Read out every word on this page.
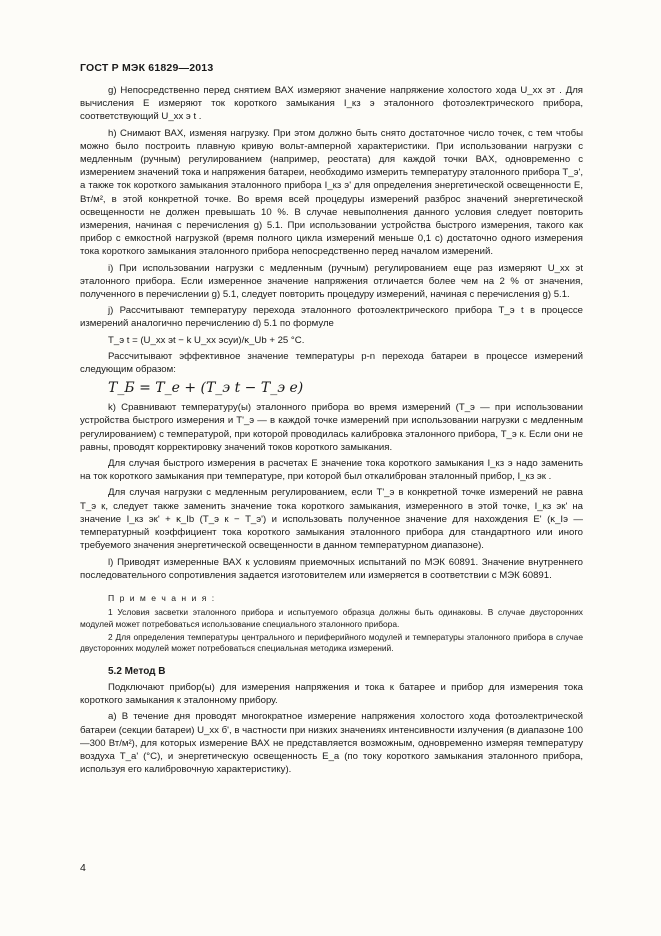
ГОСТ Р МЭК 61829—2013

g) Непосредственно перед снятием ВАХ измеряют значение напряжение холостого хода U_хх эт . Для вычисления E измеряют ток короткого замыкания I_кз э эталонного фотоэлектрического прибора, соответствующий U_хх э t .

h) Снимают ВАХ, изменяя нагрузку. При этом должно быть снято достаточное число точек, с тем чтобы можно было построить плавную кривую вольт-амперной характеристики. При использовании нагрузки с медленным (ручным) регулированием (например, реостата) для каждой точки ВАХ, одновременно с измерением значений тока и напряжения батареи, необходимо измерить температуру эталонного прибора T_э', а также ток короткого замыкания эталонного прибора I_кз э' для определения энергетической освещенности E, Вт/м², в этой конкретной точке. Во время всей процедуры измерений разброс значений энергетической освещенности не должен превышать 10 %. В случае невыполнения данного условия следует повторить измерения, начиная с перечисления g) 5.1. При использовании устройства быстрого измерения, такого как прибор с емкостной нагрузкой (время полного цикла измерений меньше 0,1 с) достаточно одного измерения тока короткого замыкания эталонного прибора непосредственно перед началом измерений.

i) При использовании нагрузки с медленным (ручным) регулированием еще раз измеряют U_хх эt эталонного прибора. Если измеренное значение напряжения отличается более чем на 2 % от значения, полученного в перечислении g) 5.1, следует повторить процедуру измерений, начиная с перечисления g) 5.1.

j) Рассчитывают температуру перехода эталонного фотоэлектрического прибора T_э t в процессе измерений аналогично перечислению d) 5.1 по формуле

T_э t = (U_хх эt − k U_хх эсуи)/κ_Ub + 25 °C.

Рассчитывают эффективное значение температуры p-n перехода батареи в процессе измерений следующим образом:

T_Б = T_e + (T_э t − T_э e)

k) Сравнивают температуру(ы) эталонного прибора во время измерений (T_э — при использовании устройства быстрого измерения и T'_э — в каждой точке измерений при использовании нагрузки с медленным регулированием) с температурой, при которой проводилась калибровка эталонного прибора, T_э к. Если они не равны, проводят корректировку значений токов короткого замыкания.

Для случая быстрого измерения в расчетах E значение тока короткого замыкания I_кз э надо заменить на ток короткого замыкания при температуре, при которой был откалиброван эталонный прибор, I_кз эк .

Для случая нагрузки с медленным регулированием, если T'_э в конкретной точке измерений не равна T_э к, следует также заменить значение тока короткого замыкания, измеренного в этой точке, I_кз эк' на значение I_кз эк' + κ_Ib (T_э к − T_э') и использовать полученное значение для нахождения E' (κ_Iэ — температурный коэффициент тока короткого замыкания эталонного прибора для стандартного или иного требуемого значения энергетической освещенности в данном температурном диапазоне).

l) Приводят измеренные ВАХ к условиям приемочных испытаний по МЭК 60891. Значение внутреннего последовательного сопротивления задается изготовителем или измеряется в соответствии с МЭК 60891.

П р и м е ч а н и я :

1 Условия засветки эталонного прибора и испытуемого образца должны быть одинаковы. В случае двусторонних модулей может потребоваться использование специального эталонного прибора.

2 Для определения температуры центрального и периферийного модулей и температуры эталонного прибора в случае двусторонних модулей может потребоваться специальная методика измерений.

5.2 Метод В

Подключают прибор(ы) для измерения напряжения и тока к батарее и прибор для измерения тока короткого замыкания к эталонному прибору.

а) В течение дня проводят многократное измерение напряжения холостого хода фотоэлектрической батареи (секции батареи) U_хх б', в частности при низких значениях интенсивности излучения (в диапазоне 100—300 Вт/м²), для которых измерение ВАХ не представляется возможным, одновременно измеряя температуру воздуха T_a' (°C), и энергетическую освещенность E_a (по току короткого замыкания эталонного прибора, используя его калибровочную характеристику).

4
